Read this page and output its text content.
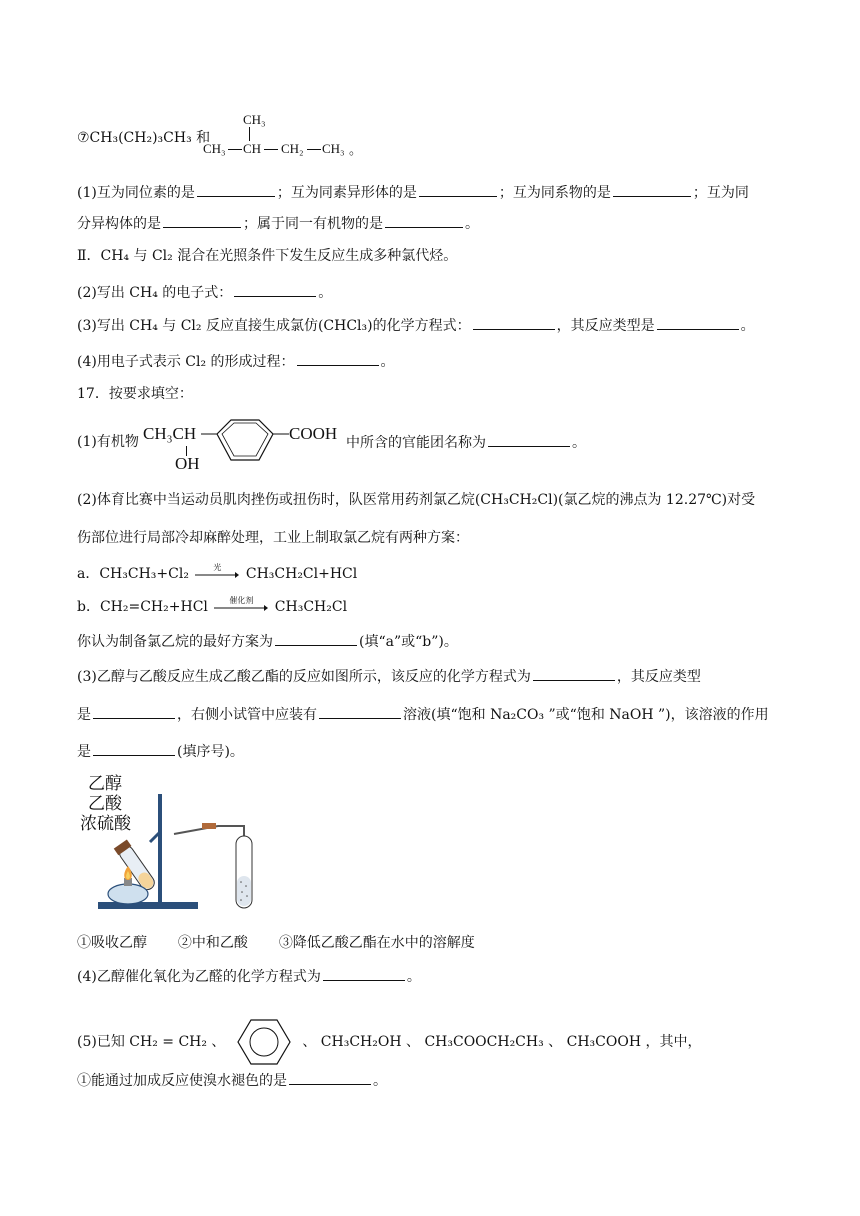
⑦CH₃(CH₂)₃CH₃ 和
CH₃
CH₃ CH CH₂ CH₃ 。
(1)互为同位素的是	；互为同素异形体的是	；互为同系物的是	；互为同
分异构体的是	；属于同一有机物的是	。
Ⅱ．CH₄ 与 Cl₂ 混合在光照条件下发生反应生成多种氯代烃。
(2)写出 CH₄ 的电子式：	。
(3)写出 CH₄ 与 Cl₂ 反应直接生成氯仿(CHCl₃)的化学方程式：	，其反应类型是	。
(4)用电子式表示 Cl₂ 的形成过程：	。
17．按要求填空：
(1)有机物 CH₃CH
OH
COOH 中所含的官能团名称为	。
(2)体育比赛中当运动员肌肉挫伤或扭伤时，队医常用药剂氯乙烷(CH₃CH₂Cl)(氯乙烷的沸点为 12.27℃)对受
伤部位进行局部冷却麻醉处理，工业上制取氯乙烷有两种方案：
a．CH₃CH₃+Cl₂	光	CH₃CH₂Cl+HCl
b．CH₂=CH₂+HCl	催化剂	CH₃CH₂Cl
你认为制备氯乙烷的最好方案为	(填“a”或“b”)。
(3)乙醇与乙酸反应生成乙酸乙酯的反应如图所示，该反应的化学方程式为	，其反应类型
是	，右侧小试管中应装有	溶液(填“饱和 Na₂CO₃ ”或“饱和 NaOH ”)，该溶液的作用
是	(填序号)。
乙醇
乙酸
浓硫酸
①吸收乙醇 ②中和乙酸 ③降低乙酸乙酯在水中的溶解度
(4)乙醇催化氧化为乙醛的化学方程式为	。
(5)已知 CH₂ = CH₂ 、	、 CH₃CH₂OH 、 CH₃COOCH₂CH₃ 、 CH₃COOH ，其中，
①能通过加成反应使溴水褪色的是	。
